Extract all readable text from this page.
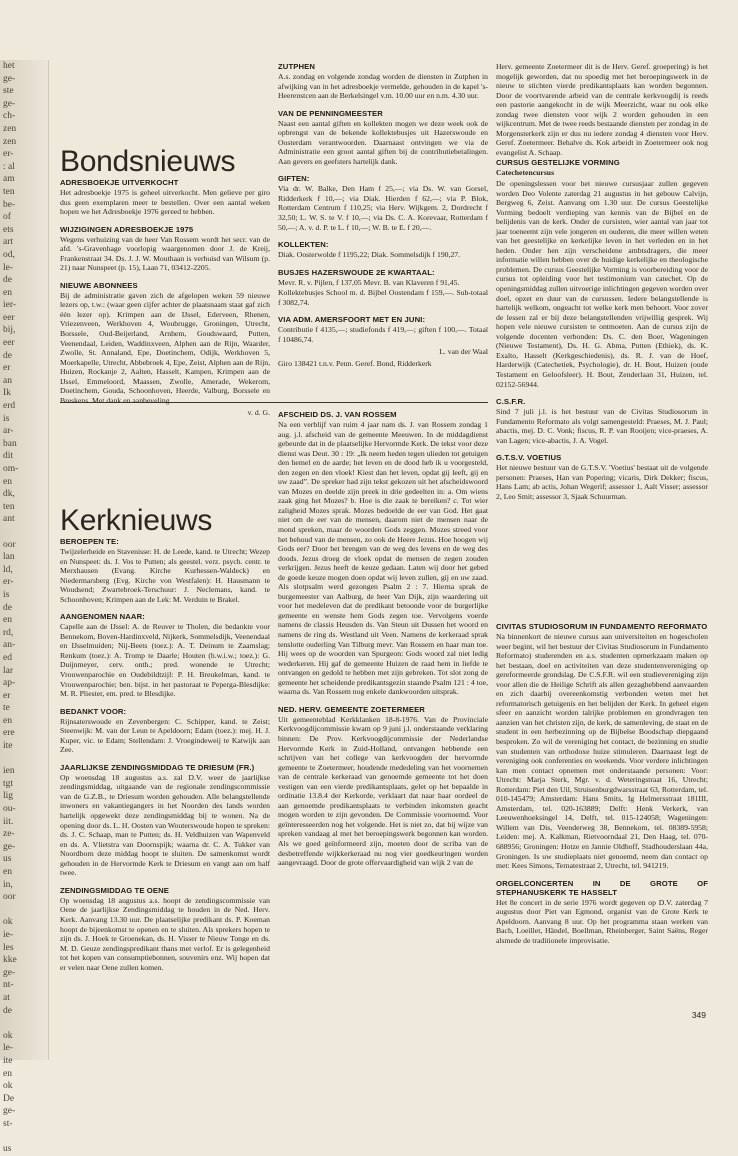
het
ge-
ste
ge-
ch-
zen
zen
er-
: al
am
ten
be-
of
ets
art
od,
le-
de
en
ier-
eer
bij,
eer
de
er
an
Ik
erd
is
ar-
ban
dit
om-
en
dk,
ten
ant

oor
lan
ld,
er-
is
de
en
rd,
an-
ed
lar
ap-
er
te
en
ere
ite

ien
tgt
lig
ou-
iit.
ze-
ge-
us
en
in,
oor

ok
ie-
les
kke
ge-
nt-
at
de

ok
le-
ite
en
ok
De
ge-
st-

us
Bondsnieuws
ADRESBOEKJE UITVERKOCHT

Het adresboekje 1975 is geheel uitverkocht. Men gelieve per giro dus geen exemplaren meer te bestellen. Over een aantal weken hopen we het Adresboekje 1976 gereed te hebben.

WIJZIGINGEN ADRESBOEKJE 1975

Wegens verhuizing van de heer Van Rossem wordt het secr. van de afd. 's-Gravenhage voorlopig waargenomen door J. de Kreij, Frankenstraat 34. Ds. J. J. W. Mouthaan is verhuisd van Wilsum (p. 21) naar Nunspeet (p. 15), Laan 71, 03412-2205.

NIEUWE ABONNEES

Bij de administratie gaven zich de afgelopen weken 59 nieuwe lezers op, t.w.: (waar geen cijfer achter de plaatsnaam staat gaf zich één lezer op). Krimpen aan de IJssel, Ederveen, Rhenen, Vriezenveen, Werkhoven 4, Woubrugge, Groningen, Utrecht, Borssele, Oud-Beijerland, Arnhem, Goudswaard, Putten, Veenendaal, Leiden, Waddinxveen, Alphen aan de Rijn, Waarder, Zwolle, St. Annaland, Epe, Doetinchem, Odijk, Werkhoven 5, Moerkapelle, Utrecht, Abbebroek 4, Epe, Zeist, Alphen aan de Rijn, Huizen, Rockanje 2, Aalten, Hasselt, Kampen, Krimpen aan de IJssel, Emmeloord, Maassen, Zwolle, Amerade, Wekerom, Doetinchem, Gouda, Schoonhoven, Heerde, Valburg, Borssele en Breskens. Met dank en aanbeveling.

v. d. G.
ZUTPHEN

A.s. zondag en volgende zondag worden de diensten in Zutphen in afwijking van in het adresboekje vermelde, gehouden in de kapel 's-Heerenstcen aan de Berkelsingel v.m. 10.00 uur en n.m. 4.30 uur.

VAN DE PENNINGMEESTER

Naast een aantal giften en kollekten mogen we deze week ook de opbrengst van de bekende kollektebusjes uit Hazerswoude en Oosterdam verantwoorden. Daarnaast ontvingen we via de Administratie een groot aantal giften bij de contributiebetalingen. Aan gevers en geefsters hartelijk dank.

GIFTEN:

Via dr. W. Balke, Den Ham f 25,—; via Ds. W. van Gorsel, Ridderkerk f 10,—; via Diak. Hierden f 62,—; via P. Blok, Rotterdam Centrum f 110,25; via Herv. Wijkgem. 2, Dordrecht f 32,50; L. W. S. te V. f 10,—; via Ds. C. A. Korevaar, Rotterdam f 50,—; A. v. d. P. te L. f 10,—; W. B. te E. f 20,—.

KOLLEKTEN:

Diak. Oosterwolde f 1195,22; Diak. Sommelsdijk f 190,27.

BUSJES HAZERSWOUDE 2E KWARTAAL:

Mevr. R. v. Pijlen, f 137,05 Mevr. B. van Klaveren f 91,45.

Kollektebusjes School m. d. Bijbel Oostendam f 159,—. Sub-totaal f 3082,74.

VIA ADM. AMERSFOORT MET EN JUNI:

Contributie f 4135,—; studiefonds f 419,—; giften f 100,—. Totaal f 10486,74.

L. van der Waal
Giro 138421 t.n.v. Penn. Geref. Bond, Ridderkerk

Herv. gemeente Zoetermeer dit is de Herv. Geref. groepering) is het mogelijk geworden, dat nu spoedig met het beroepingswerk in de nieuw te stichten vierde predikantsplaats kan worden begonnen. Door de voortvarende arbeid van de centrale kerkvoogdij is reeds een pastorie aangekocht in de wijk Meerzicht, waar nu ook elke zondag twee diensten voor wijk 2 worden gehouden in een wijkcentrum. Met de twee reeds bestaande diensten per zondag in de Morgensterkerk zijn er dus nu iedere zondag 4 diensten voor Herv. Geref. Zoetermeer. Behalve ds. Kok arbeidt in Zoetermeer ook nog evangelist A. Schaap.

CURSUS GESTELIJKE VORMING

Catechetencursus

De openingslessen voor het nieuwe cursusjaar zullen gegeven worden Deo Volente zaterdag 21 augustus in het gebouw Calvijn, Bergweg 6, Zeist. Aanvang om 1.30 uur. De cursus Geestelijke Vorming bedoelt verdieping van kennis van de Bijbel en de belijdenis van de kerk. Onder de cursisten, wier aantal van jaar tot jaar toeneemt zijn vele jongeren en ouderen, die meer willen weten van het geestelijke en kerkelijke leven in het verleden en in het heden. Onder hen zijn verscheidene ambtsdragers, die meer informatie willen hebben over de huidige kerkelijke en theologische problemen. De cursus Geestelijke Vorming is voorbereiding voor de cursus tot opleiding voor het testimonium van catechet. Op de openingsmiddag zullen uitvoerige inlichtingen gegeven worden over doel, opzet en duur van de cursussen. Iedere belangstellende is hartelijk welkom, ongeacht tot welke kerk men behoort. Voor zover de lessen zal er bij deze belangstellenden vrijwillig gesprek. Wij hopen vele nieuwe cursisten te ontmoeten. Aan de cursus zijn de volgende docenten verbonden: Ds. C. den Boer, Wageningen (Nieuwe Testament), Ds. H. G. Abma, Putten (Ethiek), ds. K. Exalto, Hasselt (Kerkgeschiedenis), ds. R. J. van de Hoef, Harderwijk (Catechetiek, Psychologie), dr. H. Bout, Huizen (oude Testament en Geloofsleer). H. Bout, Zenderlaan 31, Huizen, tel. 02152-56944.

C.S.F.R.

Sind 7 juli j.l. is het bestuur van de Civitas Studiosorum in Fundamento Reformato als volgt samengesteld: Praeses, M. J. Paul; abactis, mej. D. C. Vonk; fiscus, R. P. van Rooijen; vice-praeses, A. van Lagen; vice-abactis, J. A. Vogel.

G.T.S.V. VOETIUS

Het nieuwe bestuur van de G.T.S.V. 'Voetius' bestaat uit de volgende personen: Praeses, Han van Popering; vicaris, Dirk Dekker; fiscus, Hans Lam; ab actis, Johan Wegerif; assessor 1, Aalt Visser; assessor 2, Leo Smit; assessor 3, Sjaak Schuurman.

Kerknieuws
BEROEPEN TE:

Twijzelerheide en Stavenisse: H. de Leede, kand. te Utrecht; Wezep en Nunspeet: ds. J. Vos te Putten; als geestel. verz. psych. centr. te Merxhausen (Evang. Kirche Kurhessen-Waldeck) en Niedermarsberg (Evg. Kirche von Westfalen): H. Hausmann te Woudsend; Zwartebroek-Terschuur: J. Neclemans, kand. te Schoonhoven; Krimpen aan de Lek: M. Verduin te Brakel.

AANGENOMEN NAAR:

Capelle aan de IJssel: A. de Reuver te Tholen, die bedankte voor Bennekom, Boven-Hardinxveld, Nijkerk, Sommelsdijk, Veenendaal en IJsselmuiden; Nij-Beets (toez.): A. T. Deinum te Zaamslag; Renkum (toez.): A. Tromp te Daarle; Houten (h.w.i.w.; toez.): G. Duijnmeyer, cerv. onth.; pred. wonende te Utrecht; Vrouwenparochie en Oudebildtzijl: P. H. Breukelman, kand. te Vrouwenparochie; ben. bijst. in het pastoraat te Peperga-Blesdijke: M. R. Pliester, em. pred. te Blesdijke.

BEDANKT VOOR:

Rijnsaterswoude en Zevenbergen: C. Schipper, kand. te Zeist; Steenwijk: M. van der Leun te Apeldoorn; Edam (toez.): mej. H. J. Kuper, vic. te Edam; Stellendam: J. Vroegindeweij te Katwijk aan Zee.

JAARLIJKSE ZENDINGSMIDDAG TE DRIESUM (FR.)

Op woensdag 18 augustus a.s. zal D.V. weer de jaarlijkse zendingsmiddag, uitgaande van de regionale zendingscommissie van de G.Z.B., te Driesum worden gehouden. Alle belangstellende inwoners en vakantiegangers in het Noorden des lands worden hartelijk opgewekt deze zendingsmiddag bij te wonen. Na de opening door ds. L. H. Oosten van Wouterswoude hopen te spreken: ds. J. C. Schaap, man te Putten; ds. H. Veldhuizen van Wapenveld en ds. A. Vlietstra van Doornspijk; waarna dr. C. A. Tukker van Noordborn deze middag hoopt te sluiten. De samenkomst wordt gehouden in de Hervormde Kerk te Driesum en vangt aan om half twee.

ZENDINGSMIDDAG TE OENE

Op woensdag 18 augustus a.s. hoopt de zendingscommissie van Oene de jaarlijkse Zendingsmiddag te houden in de Ned. Herv. Kerk. Aanvang 13.30 uur. De plaatselijke predikant ds. P. Koeman hoopt de bijeenkomst te openen en te sluiten. Als sprekers hopen te zijn ds. J. Hoek te Groenekan, ds. H. Visser te Nieuw Tonge en ds. M. D. Geuze zendingspredikant thans met verlof. Er is gelegenheid tot het kopen van consumptiebonnen, souvenirs enz. Wij hopen dat er velen naar Oene zullen komen.

AFSCHEID DS. J. VAN ROSSEM

Na een verblijf van ruim 4 jaar nam ds. J. van Rossem zondag 1 aug. j.l. afscheid van de gemeente Meeuwen. In de middagdienst gebeurde dat in de plaatselijke Hervormde Kerk. De tekst voor deze dienst was Deut. 30 : 19: „Ik neem heden tegen ulieden tot getuigen den hemel en de aarde; het leven en de dood heb ik u voorgesteld, den zegen en den vloek! Kiest dan het leven, opdat gij leeft, gij en uw zaad”. De spreker had zijn tekst gekozen uit het afscheidswoord van Mozes en deelde zijn preek in drie gedeelten in: a. Om wiens zaak ging het Mozes? b. Hoe is die zaak te bereiken? c. Tot wier zaligheid Mozes sprak. Mozes bedoelde de eer van God. Het gaat niet om de eer van de mensen, daarom niet de mensen naar de mond spreken, maar de woorden Gods zeggen. Mozes streed voor het behoud van de mensen, zo ook de Heere Jezus. Hoe hoogen wij Gods eer? Door het brengen van de weg des levens en de weg des doods. Jezus droeg de vloek opdat de mensen de zegen zouden verkrijgen. Jezus heeft de keuze gedaan. Laten wij door het gebed de goede keuze mogen doen opdat wij leven zullen, gij en uw zaad. Als slotpsalm werd gezongen Psalm 2 : 7. Hierna sprak de burgemeester van Aalburg, de heer Van Dijk, zijn waardering uit voor het medeleven dat de predikant betoonde voor de burgerlijke gemeente en wenste hem Gods zegen toe. Vervolgens voerde namens de classis Heusden ds. Van Steun uit Dussen het woord en namens de ring ds. Westland uit Veen. Namens de kerkeraad sprak tenslotte ouderling Van Tilburg mevr. Van Rossem en haar man toe. Hij wees op de woorden van Spurgeon: Gods woord zal niet ledig wederkeren. Hij gaf de gemeente Huizen de raad hem in liefde te ontvangen en gedold te hebben met zijn gebreken. Tot slot zong de gemeente het scheidende predikantsgezin staande Psalm 121 : 4 toe, waarna ds. Van Rossem nog enkele dankwoorden uitsprak.

NED. HERV. GEMEENTE ZOETERMEER

Uit gemeenteblad Kerkklanken 18-8-1976. Van de Provinciale Kerkvoogdijcommissie kwam op 9 juni j.l. onderstaande verklaring binnen: De Prov. Kerkvoogdijcommissie der Nederlandse Hervormde Kerk in Zuid-Holland, ontvangen hebbende een schrijven van het college van kerkvoogden der hervormde gemeente te Zoetermeer, houdende mededeling van het voornemen van de centrale kerkeraad van genoemde gemeente tot het doen vestigen van een vierde predikantsplaats, gelet op het bepaalde in ordinatie 13.8.4 der Kerkorde, verklaart dat naar haar oordeel de aan genoemde predikantsplaats te verbinden inkomsten geacht mogen worden te zijn gevonden. De Commissie voornoemd. Voor geïnteresseerden nog het volgende. Het is niet zo, dat bij wijze van spreken vandaag al met het beroepingswerk begonnen kan worden. Als we goed geïnformeerd zijn, moeten door de scriba van de desbetreffende wijkkerkeraad nu nog vier goedkeuringen worden aangevraagd. Door de grote offervaardigheid van wijk 2 van de

CIVITAS STUDIOSORUM IN FUNDAMENTO REFORMATO

Na binnenkort de nieuwe cursus aan universiteiten en hogescholen weer begint, wil het bestuur der Civitas Studiosorum in Fundamento Reformato) studerenden en a.s. studenten opmerkzaam maken op het bestaan, doel en activiteiten van deze studentenvereniging op gereformeerde grondslag. De C.S.F.R. wil een studievereniging zijn voor allen die de Heilige Schrift als allen gezaghebbend aanvaarden en zich daarbij overeenkomstig verbonden weten met het reformatorisch getuigenis en het belijden der Kerk. In geheel eigen sfeer en aanzicht worden talrijke problemen en grondvragen ten aanzien van het christen zijn, de kerk, de samenleving, de staat en de student in een herbezinning op de Bijbelse Boodschap diepgaand besproken. Zo wil de vereniging het contact, de bezinning en studie van studenten van orthodoxe huize stimuleren. Daarnaast legt de vereniging ook conferenties en weekends. Voor verdere inlichtingen kan men contact opnemen met onderstaande personen: Voor: Utrecht: Marja Sterk, Mgr. v. d. Weteringstraat 16, Utrecht; Rotterdam: Piet den Uil, Struisenburgdwarsstraat 63, Rotterdam, tel. 010-145479; Amsterdam: Hans Smits, Ig Helmersstraat 181III, Amsterdam, tel. 020-163889; Delft: Henk Verkerk, van Leeuwenhoeksingel 14, Delft, tel. 015-124058; Wageningen: Willem van Dis, Veenderweg 38, Bennekom, tel. 08389-5958; Leiden: mej. A. Kalkman, Rietvoorndaal 21, Den Haag, tel. 070-688956; Groningen: Hotze en Jannie Oldhoff, Stadhouderslaan 44a, Groningen. Is uw studieplaats niet genoemd, neem dan contact op met: Kees Simons, Ternatestraat 2, Utrecht, tel. 941219.

ORGELCONCERTEN IN DE GROTE OF STEPHANUSKERK TE HASSELT

Het 8e concert in de serie 1976 wordt gegeven op D.V. zaterdag 7 augustus door Piet van Egmond, organist van de Grote Kerk te Apeldoorn. Aanvang 8 uur. Op het programma staan werken van Bach, Loeillet, Händel, Boellman, Rheinberger, Saint Saëns, Reger alsmede de traditionele improvisatie.

349
